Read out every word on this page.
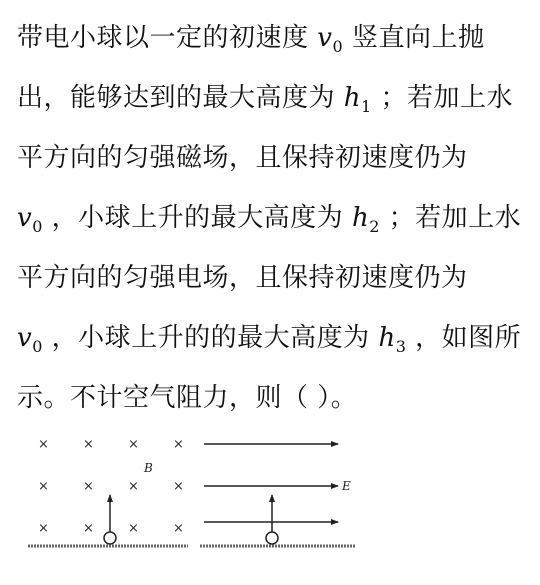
带电小球以一定的初速度 $v_0$ 竖直向上抛
出，能够达到的最大高度为 $h_1$ ；若加上水
平方向的匀强磁场，且保持初速度仍为
$v_0$ ，小球上升的最大高度为 $h_2$ ；若加上水
平方向的匀强电场，且保持初速度仍为
$v_0$ ，小球上升的的最大高度为 $h_3$ ，如图所
示。不计空气阻力，则（ ）。
×	×	×	×
×	×	×	×
×	×	×	×
B
E
